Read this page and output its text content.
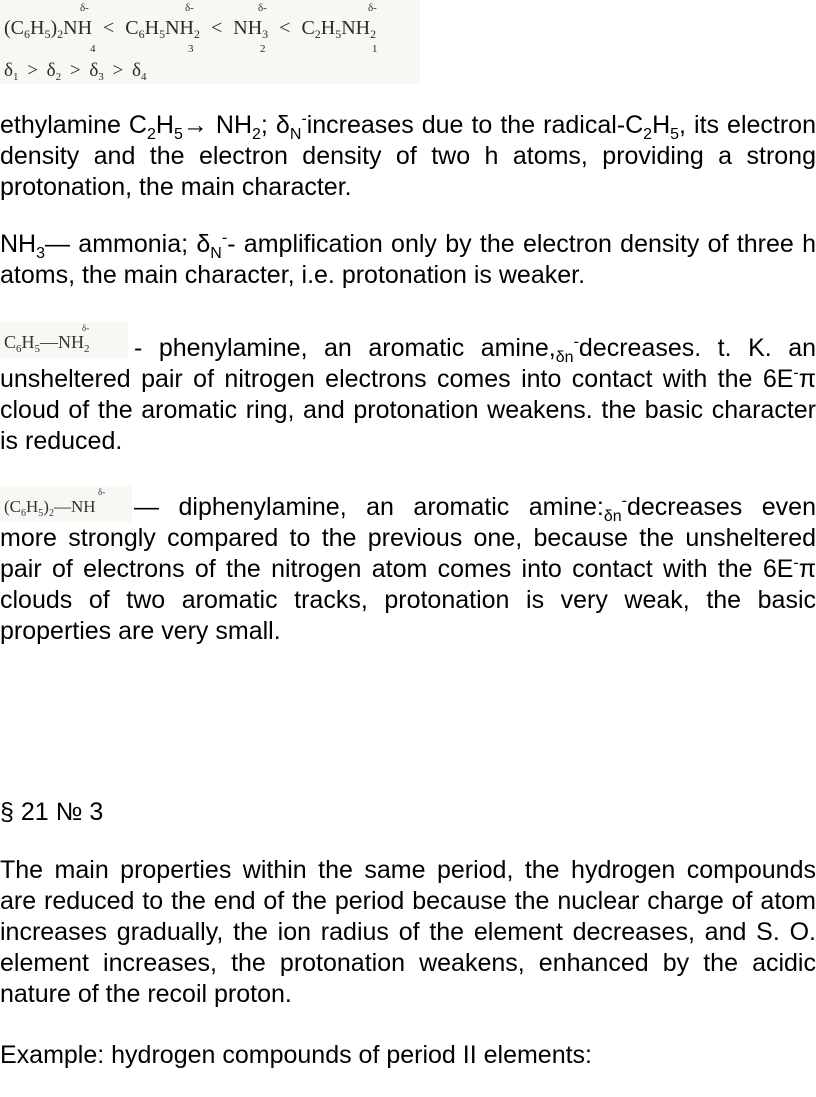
δ-	δ-	δ-	δ-
$(C_6H_5)_2NH < C_6H_5NH_2 < NH_3 < C_2H_5NH_2$
4	3	2	1
$\delta_1 > \delta_2 > \delta_3 > \delta_4$

ethylamine $C_2H_5\to NH_2$; $\delta_N^-increases$ due to the radical-$C_2H_5$, its electron density and the electron density of two h atoms, providing a strong protonation, the main character.

$NH_3—$ ammonia; $\delta_N^--$ amplification only by the electron density of three h atoms, the main character, i.e. protonation is weaker.

δ-
$C_6H_5—NH_2$	- phenylamine, an aromatic $amine,_{\delta n}^-decreases$. t. K. an unsheltered pair of nitrogen electrons comes into contact with the 6E-π cloud of the aromatic ring, and protonation weakens. the basic character is reduced.

δ-
$(C_6H_5)_2—NH$	— diphenylamine, an aromatic $amine:_{\delta n}^-decreases$ even more strongly compared to the previous one, because the unsheltered pair of electrons of the nitrogen atom comes into contact with the 6E-π clouds of two aromatic tracks, protonation is very weak, the basic properties are very small.

§ 21 № 3

The main properties within the same period, the hydrogen compounds are reduced to the end of the period because the nuclear charge of atom increases gradually, the ion radius of the element decreases, and S. O. element increases, the protonation weakens, enhanced by the acidic nature of the recoil proton.

Example: hydrogen compounds of period II elements:
